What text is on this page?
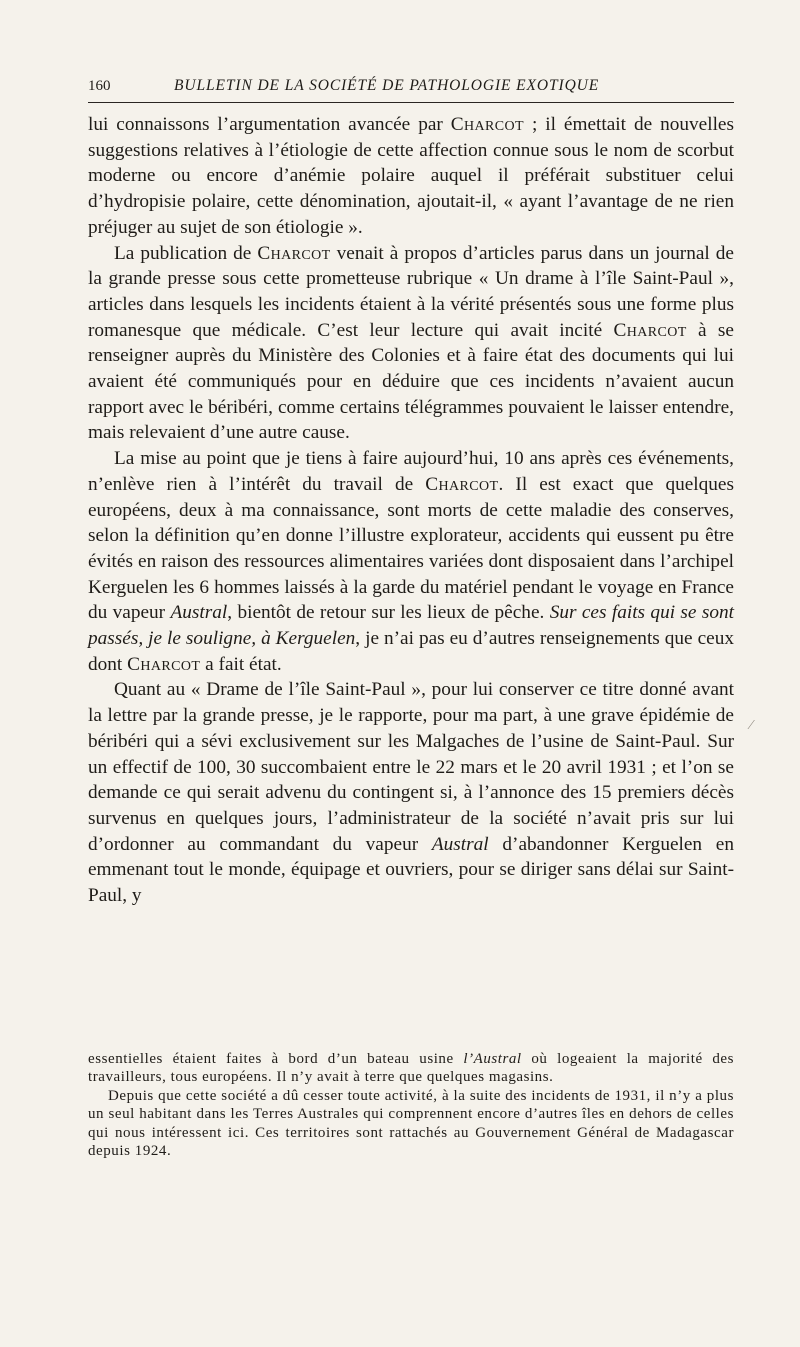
160	BULLETIN DE LA SOCIÉTÉ DE PATHOLOGIE EXOTIQUE

lui connaissons l’argumentation avancée par Charcot ; il émettait de nouvelles suggestions relatives à l’étiologie de cette affection connue sous le nom de scorbut moderne ou encore d’anémie polaire auquel il préférait substituer celui d’hydropisie polaire, cette dénomination, ajoutait-il, « ayant l’avantage de ne rien préjuger au sujet de son étiologie ».

La publication de Charcot venait à propos d’articles parus dans un journal de la grande presse sous cette prometteuse rubrique « Un drame à l’île Saint-Paul », articles dans lesquels les incidents étaient à la vérité présentés sous une forme plus romanesque que médicale. C’est leur lecture qui avait incité Charcot à se renseigner auprès du Ministère des Colonies et à faire état des documents qui lui avaient été communiqués pour en déduire que ces incidents n’avaient aucun rapport avec le béribéri, comme certains télégrammes pouvaient le laisser entendre, mais relevaient d’une autre cause.

La mise au point que je tiens à faire aujourd’hui, 10 ans après ces événements, n’enlève rien à l’intérêt du travail de Charcot. Il est exact que quelques européens, deux à ma connaissance, sont morts de cette maladie des conserves, selon la définition qu’en donne l’illustre explorateur, accidents qui eussent pu être évités en raison des ressources alimentaires variées dont disposaient dans l’archipel Kerguelen les 6 hommes laissés à la garde du matériel pendant le voyage en France du vapeur Austral, bientôt de retour sur les lieux de pêche. Sur ces faits qui se sont passés, je le souligne, à Kerguelen, je n’ai pas eu d’autres renseignements que ceux dont Charcot a fait état.

Quant au « Drame de l’île Saint-Paul », pour lui conserver ce titre donné avant la lettre par la grande presse, je le rapporte, pour ma part, à une grave épidémie de béribéri qui a sévi exclusivement sur les Malgaches de l’usine de Saint-Paul. Sur un effectif de 100, 30 succombaient entre le 22 mars et le 20 avril 1931 ; et l’on se demande ce qui serait advenu du contingent si, à l’annonce des 15 premiers décès survenus en quelques jours, l’administrateur de la société n’avait pris sur lui d’ordonner au commandant du vapeur Austral d’abandonner Kerguelen en emmenant tout le monde, équipage et ouvriers, pour se diriger sans délai sur Saint-Paul, y

essentielles étaient faites à bord d’un bateau usine l’Austral où logeaient la majorité des travailleurs, tous européens. Il n’y avait à terre que quelques magasins.

Depuis que cette société a dû cesser toute activité, à la suite des incidents de 1931, il n’y a plus un seul habitant dans les Terres Australes qui comprennent encore d’autres îles en dehors de celles qui nous intéressent ici. Ces territoires sont rattachés au Gouvernement Général de Madagascar depuis 1924.

⁄
